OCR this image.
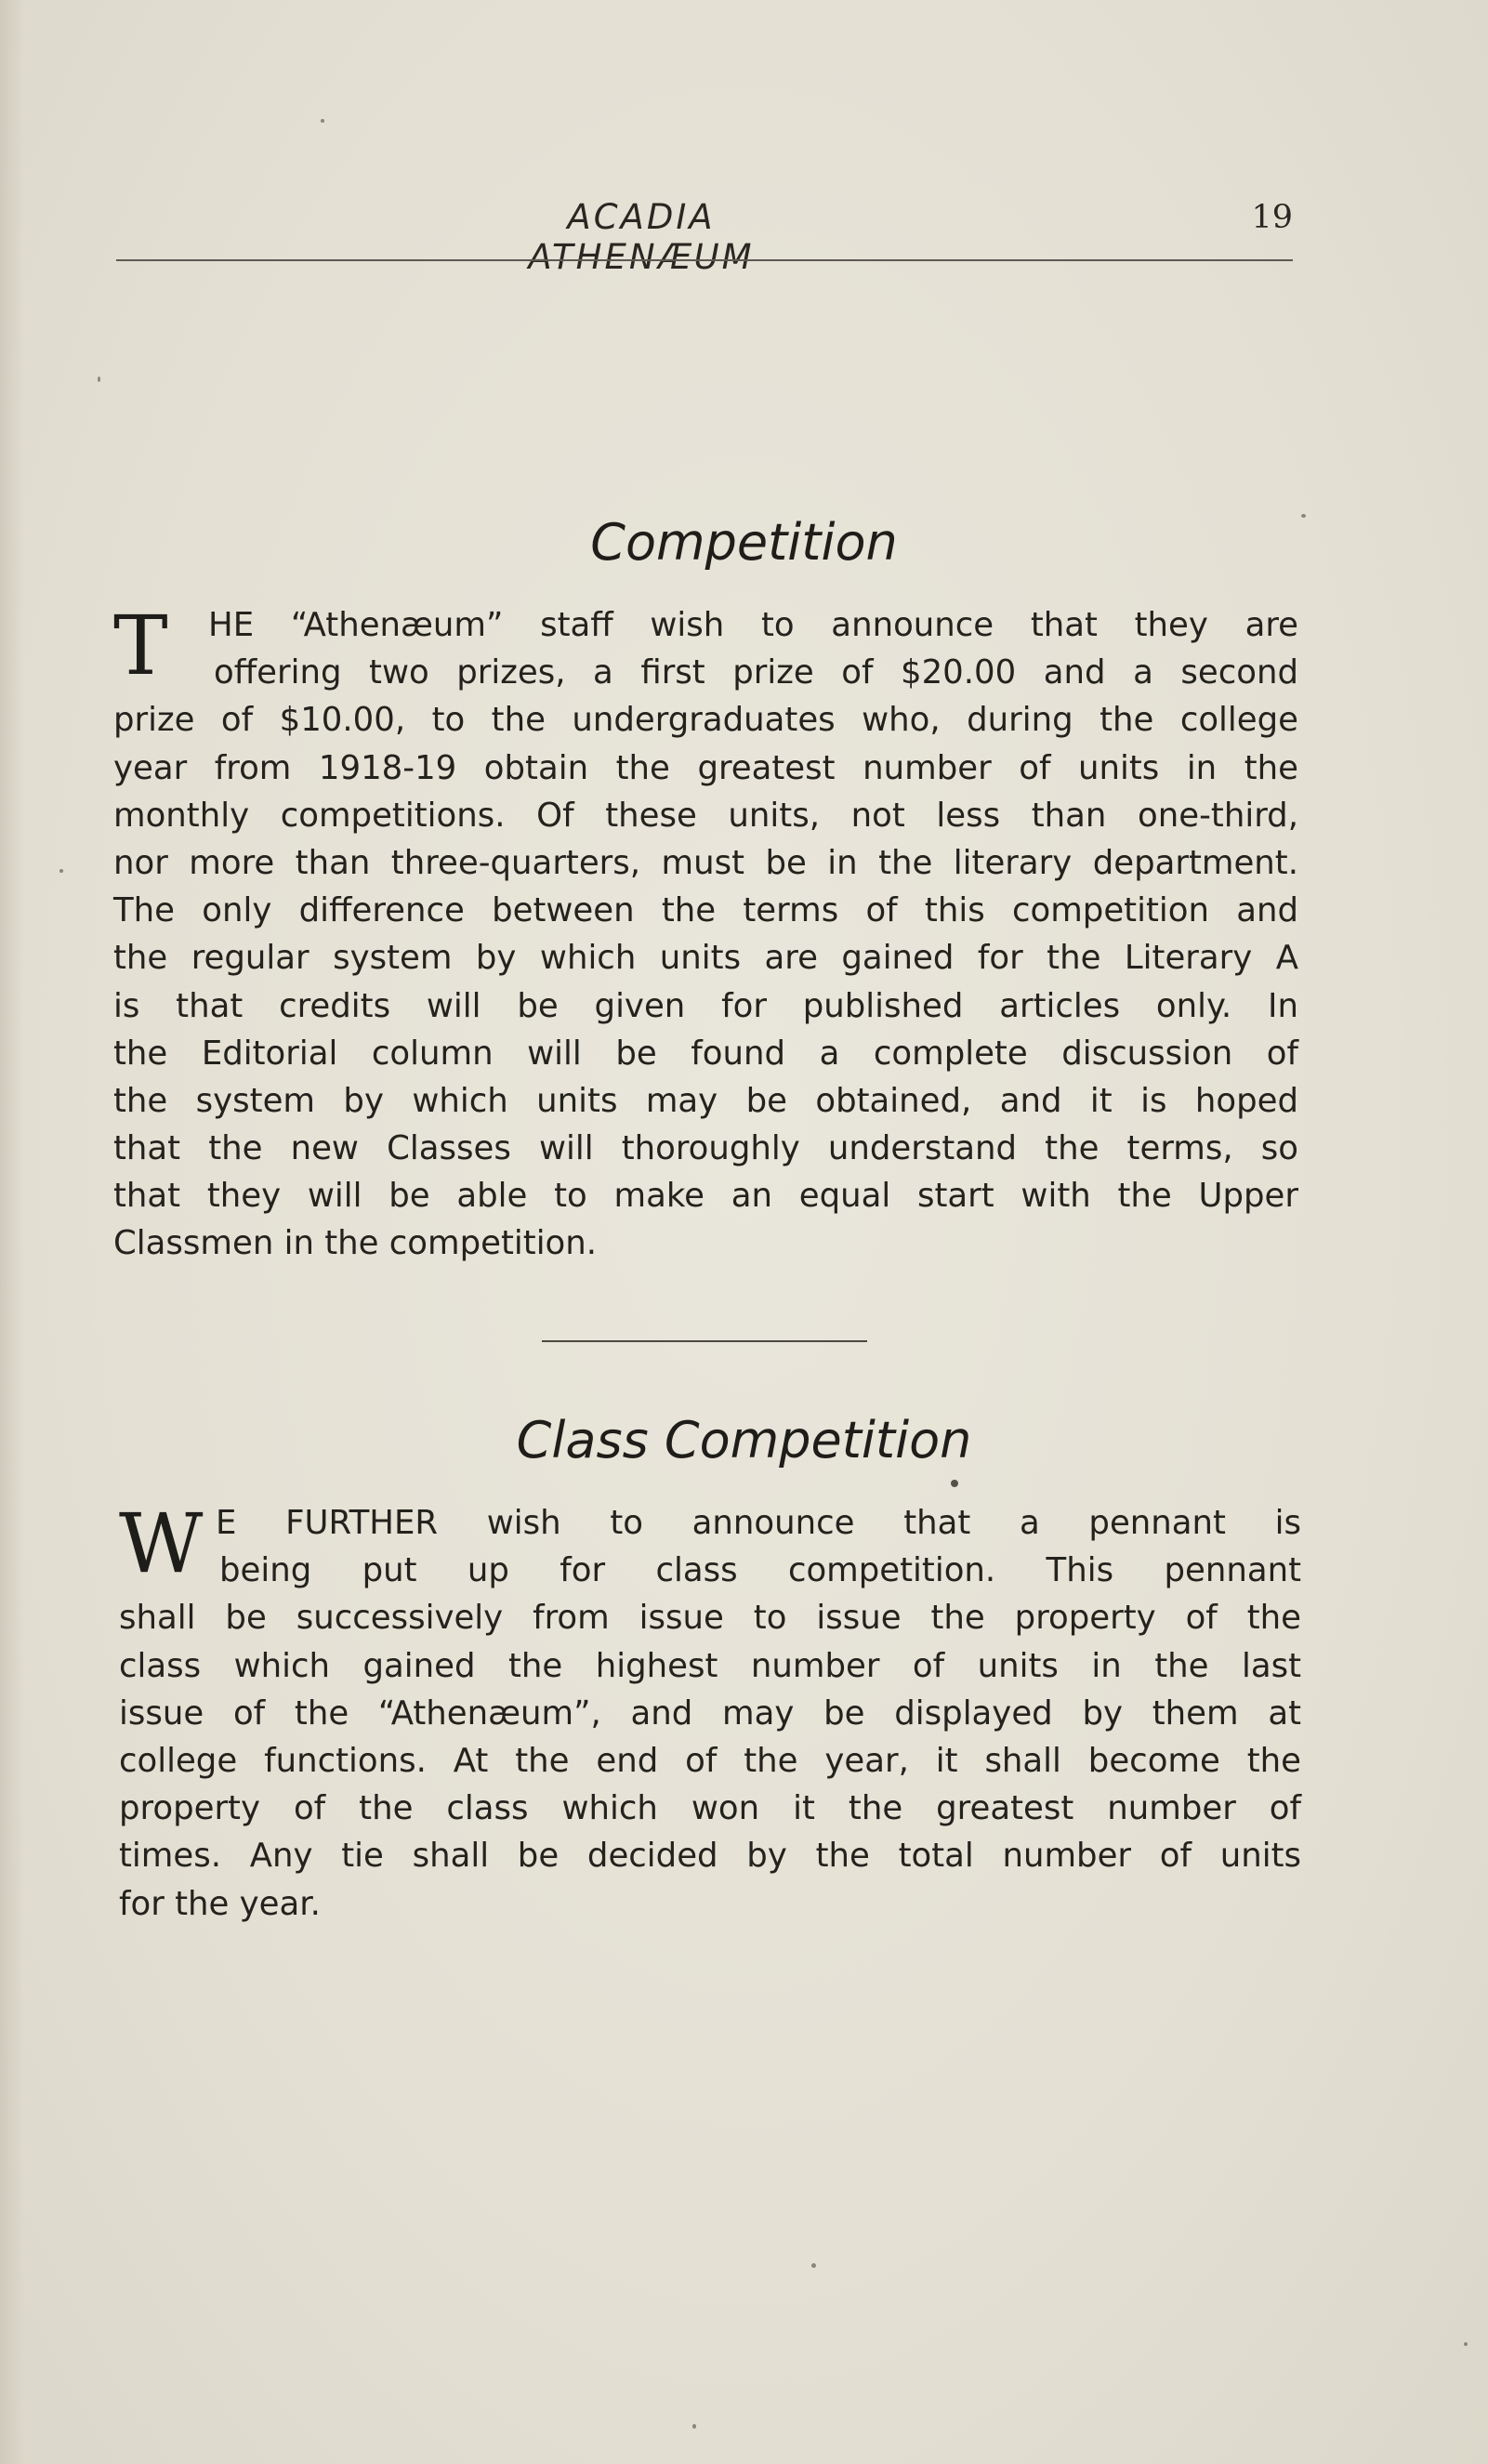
ACADIA ATHENÆUM
19
Competition
T	HE “Athenæum” staff wish to announce that they are
offering two prizes, a first prize of $20.00 and a second
prize of $10.00, to the undergraduates who, during the college
year from 1918-19 obtain the greatest number of units in the
monthly competitions. Of these units, not less than one-third,
nor more than three-quarters, must be in the literary department.
The only difference between the terms of this competition and
the regular system by which units are gained for the Literary A
is that credits will be given for published articles only. In
the Editorial column will be found a complete discussion of
the system by which units may be obtained, and it is hoped
that the new Classes will thoroughly understand the terms, so
that they will be able to make an equal start with the Upper
Classmen in the competition.
Class Competition
W E FURTHER wish to announce that a pennant is
being put up for class competition. This pennant
shall be successively from issue to issue the property of the
class which gained the highest number of units in the last
issue of the “Athenæum”, and may be displayed by them at
college functions. At the end of the year, it shall become the
property of the class which won it the greatest number of
times. Any tie shall be decided by the total number of units
for the year.
